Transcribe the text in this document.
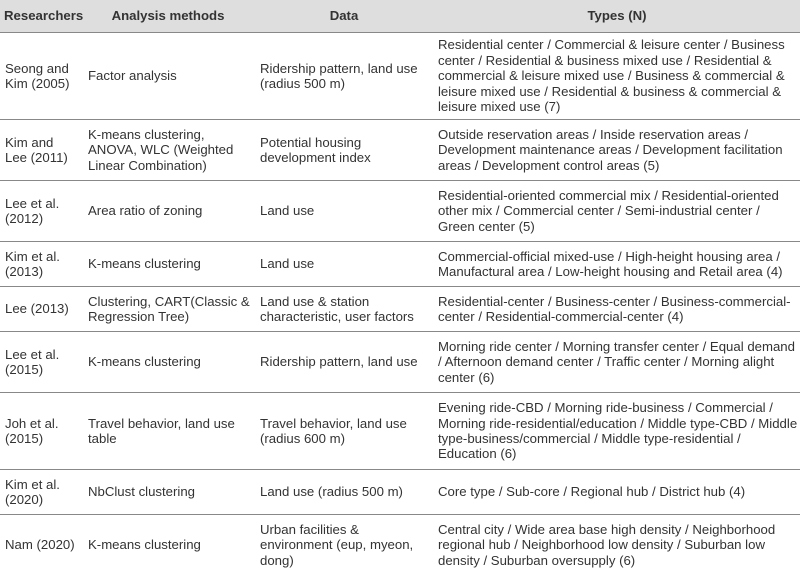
Researchers	Analysis methods	Data	Types (N)
Seong and Kim (2005)	Factor analysis	Ridership pattern, land use (radius 500 m)	Residential center / Commercial & leisure center / Business center / Residential & business mixed use / Residential & commercial & leisure mixed use / Business & commercial & leisure mixed use / Residential & business & commercial & leisure mixed use (7)
Kim and Lee (2011)	K-means clustering, ANOVA, WLC (Weighted Linear Combination)	Potential housing development index	Outside reservation areas / Inside reservation areas / Development maintenance areas / Development facilitation areas / Development control areas (5)
Lee et al. (2012)	Area ratio of zoning	Land use	Residential-oriented commercial mix / Residential-oriented other mix / Commercial center / Semi-industrial center / Green center (5)
Kim et al. (2013)	K-means clustering	Land use	Commercial-official mixed-use / High-height housing area / Manufactural area / Low-height housing and Retail area (4)
Lee (2013)	Clustering, CART(Classic & Regression Tree)	Land use & station characteristic, user factors	Residential-center / Business-center / Business-commercial-center / Residential-commercial-center (4)
Lee et al. (2015)	K-means clustering	Ridership pattern, land use	Morning ride center / Morning transfer center / Equal demand / Afternoon demand center / Traffic center / Morning alight center (6)
Joh et al. (2015)	Travel behavior, land use table	Travel behavior, land use (radius 600 m)	Evening ride-CBD / Morning ride-business / Commercial / Morning ride-residential/education / Middle type-CBD / Middle type-business/commercial / Middle type-residential / Education (6)
Kim et al. (2020)	NbClust clustering	Land use (radius 500 m)	Core type / Sub-core / Regional hub / District hub (4)
Nam (2020)	K-means clustering	Urban facilities & environment (eup, myeon, dong)	Central city / Wide area base high density / Neighborhood regional hub / Neighborhood low density / Suburban low density / Suburban oversupply (6)
